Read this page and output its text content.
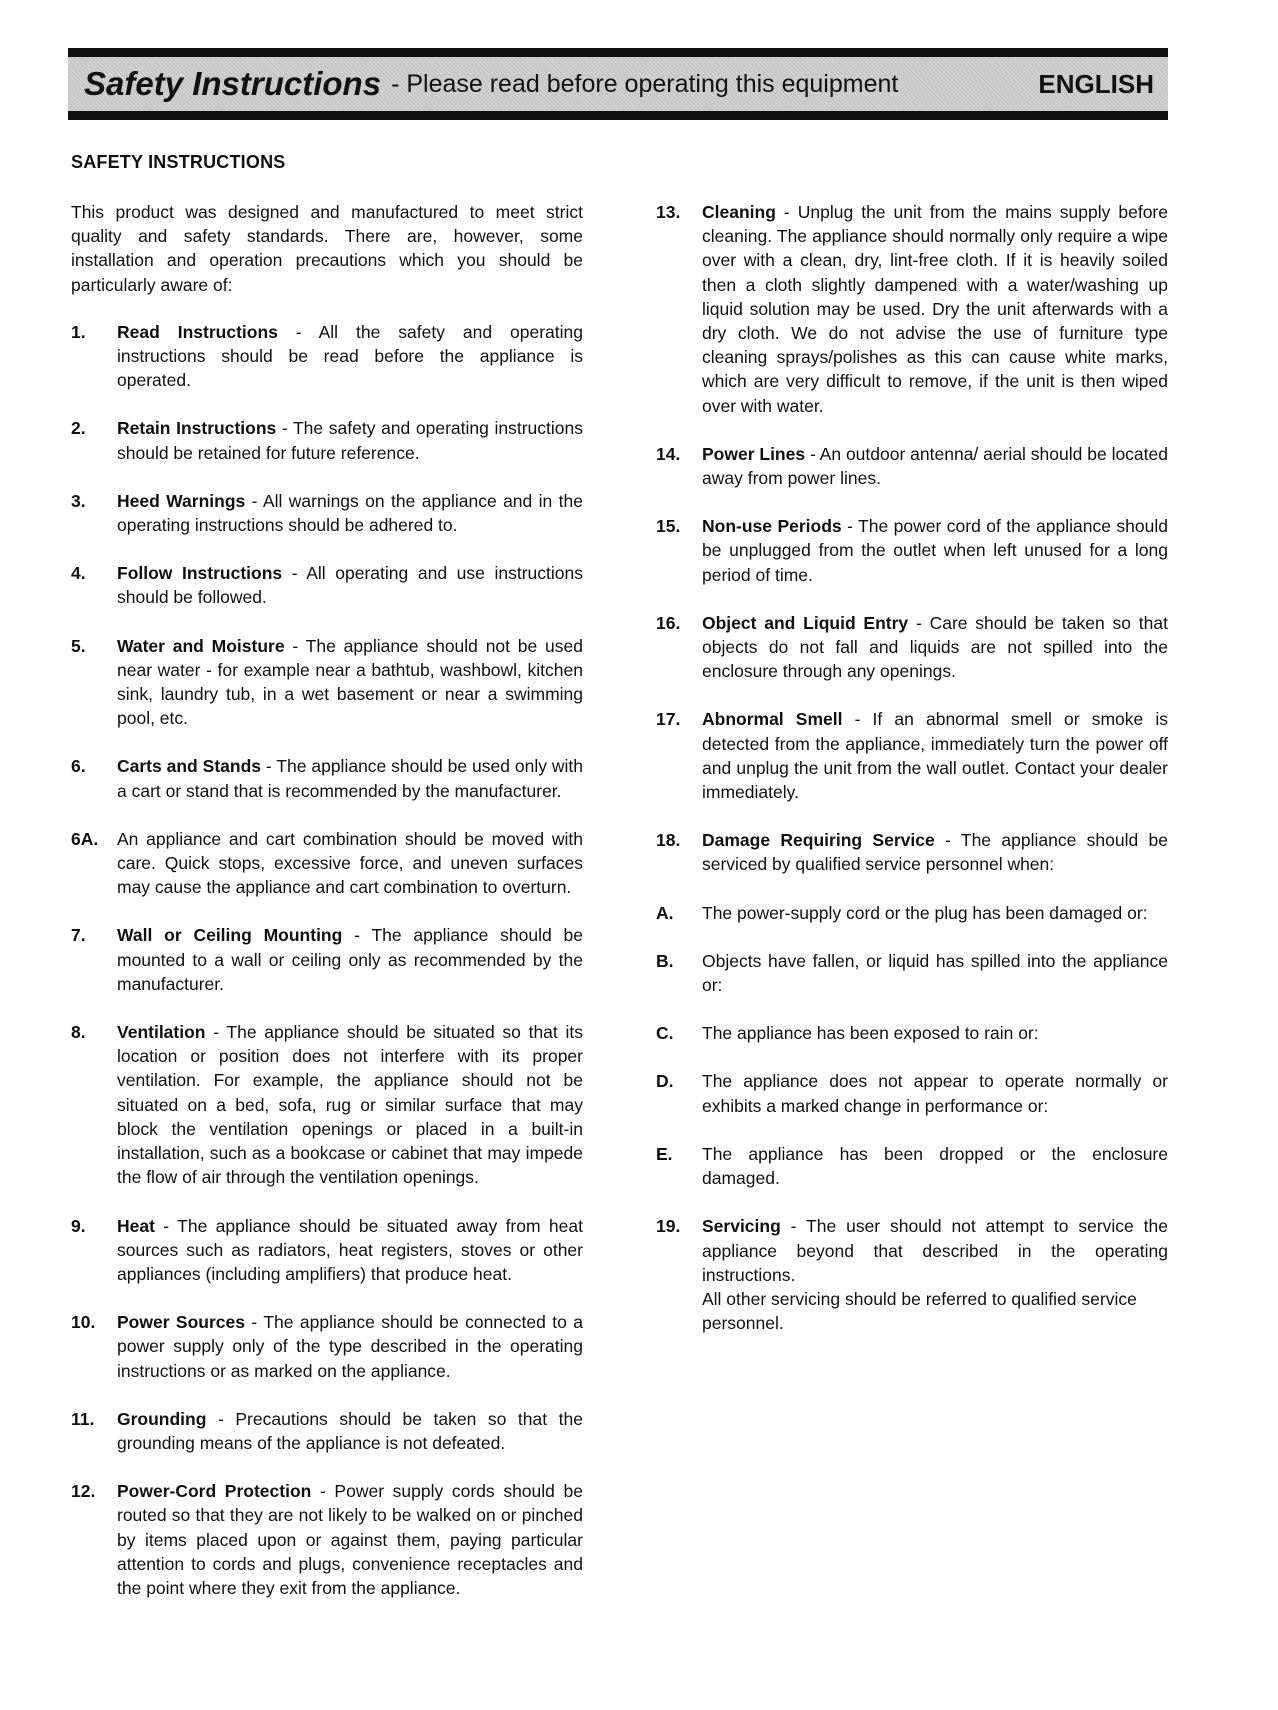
Safety Instructions - Please read before operating this equipment	ENGLISH
SAFETY INSTRUCTIONS

This product was designed and manufactured to meet strict quality and safety standards. There are, however, some installation and operation precautions which you should be particularly aware of:

1.	Read Instructions - All the safety and operating instructions should be read before the appliance is operated.
2.	Retain Instructions - The safety and operating instructions should be retained for future reference.
3.	Heed Warnings - All warnings on the appliance and in the operating instructions should be adhered to.
4.	Follow Instructions - All operating and use instructions should be followed.
5.	Water and Moisture - The appliance should not be used near water - for example near a bathtub, washbowl, kitchen sink, laundry tub, in a wet basement or near a swimming pool, etc.
6.	Carts and Stands - The appliance should be used only with a cart or stand that is recommended by the manufacturer.
6A.	An appliance and cart combination should be moved with care. Quick stops, excessive force, and uneven surfaces may cause the appliance and cart combination to overturn.
7.	Wall or Ceiling Mounting - The appliance should be mounted to a wall or ceiling only as recommended by the manufacturer.
8.	Ventilation - The appliance should be situated so that its location or position does not interfere with its proper ventilation. For example, the appliance should not be situated on a bed, sofa, rug or similar surface that may block the ventilation openings or placed in a built-in installation, such as a bookcase or cabinet that may impede the flow of air through the ventilation openings.
9.	Heat - The appliance should be situated away from heat sources such as radiators, heat registers, stoves or other appliances (including amplifiers) that produce heat.
10.	Power Sources - The appliance should be connected to a power supply only of the type described in the operating instructions or as marked on the appliance.
11.	Grounding - Precautions should be taken so that the grounding means of the appliance is not defeated.
12.	Power-Cord Protection - Power supply cords should be routed so that they are not likely to be walked on or pinched by items placed upon or against them, paying particular attention to cords and plugs, convenience receptacles and the point where they exit from the appliance.
13.	Cleaning - Unplug the unit from the mains supply before cleaning. The appliance should normally only require a wipe over with a clean, dry, lint-free cloth. If it is heavily soiled then a cloth slightly dampened with a water/washing up liquid solution may be used. Dry the unit afterwards with a dry cloth. We do not advise the use of furniture type cleaning sprays/polishes as this can cause white marks, which are very difficult to remove, if the unit is then wiped over with water.
14.	Power Lines - An outdoor antenna/ aerial should be located away from power lines.
15.	Non-use Periods - The power cord of the appliance should be unplugged from the outlet when left unused for a long period of time.
16.	Object and Liquid Entry - Care should be taken so that objects do not fall and liquids are not spilled into the enclosure through any openings.
17.	Abnormal Smell - If an abnormal smell or smoke is detected from the appliance, immediately turn the power off and unplug the unit from the wall outlet. Contact your dealer immediately.
18.	Damage Requiring Service - The appliance should be serviced by qualified service personnel when:
A.	The power-supply cord or the plug has been damaged or:
B.	Objects have fallen, or liquid has spilled into the appliance or:
C.	The appliance has been exposed to rain or:
D.	The appliance does not appear to operate normally or exhibits a marked change in performance or:
E.	The appliance has been dropped or the enclosure damaged.
19.	Servicing - The user should not attempt to service the appliance beyond that described in the operating instructions.
All other servicing should be referred to qualified service personnel.
